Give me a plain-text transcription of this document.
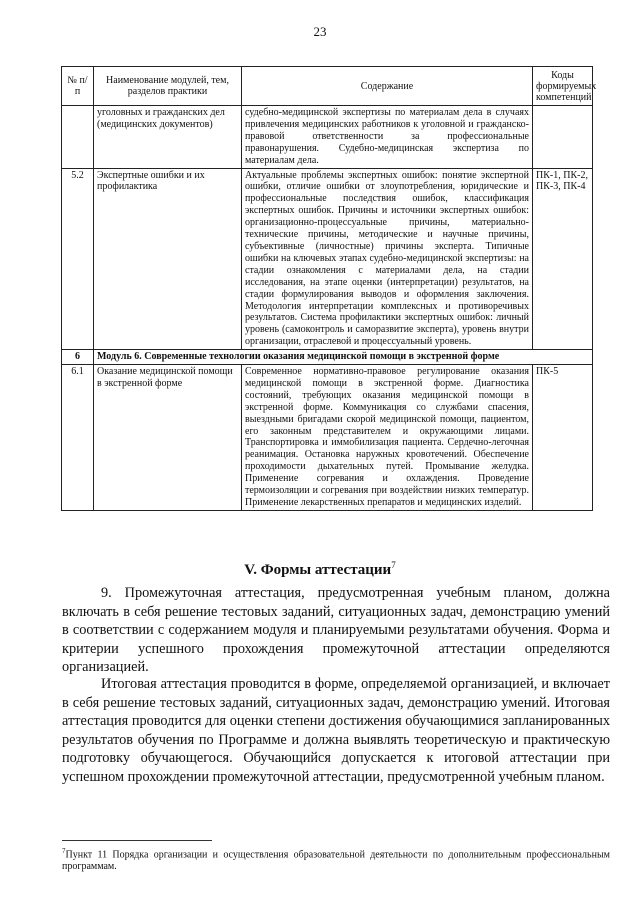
23
№ п/п	Наименование модулей, тем, разделов практики	Содержание	Коды формируемых компетенций
	уголовных и гражданских дел (медицинских документов)	судебно-медицинской экспертизы по материалам дела в случаях привлечения медицинских работников к уголовной и гражданско-правовой ответственности за профессиональные правонарушения. Судебно-медицинская экспертиза по материалам дела.	
5.2	Экспертные ошибки и их профилактика	Актуальные проблемы экспертных ошибок: понятие экспертной ошибки, отличие ошибки от злоупотребления, юридические и профессиональные последствия ошибок, классификация экспертных ошибок. Причины и источники экспертных ошибок: организационно-процессуальные причины, материально-технические причины, методические и научные причины, субъективные (личностные) причины эксперта. Типичные ошибки на ключевых этапах судебно-медицинской экспертизы: на стадии ознакомления с материалами дела, на стадии исследования, на этапе оценки (интерпретации) результатов, на стадии формулирования выводов и оформления заключения. Методология интерпретации комплексных и противоречивых результатов. Система профилактики экспертных ошибок: личный уровень (самоконтроль и саморазвитие эксперта), уровень внутри организации, отраслевой и процессуальный уровень.	ПК-1, ПК-2, ПК-3, ПК-4
6	Модуль 6. Современные технологии оказания медицинской помощи в экстренной форме		
6.1	Оказание медицинской помощи в экстренной форме	Современное нормативно-правовое регулирование оказания медицинской помощи в экстренной форме. Диагностика состояний, требующих оказания медицинской помощи в экстренной форме. Коммуникация со службами спасения, выездными бригадами скорой медицинской помощи, пациентом, его законным представителем и окружающими лицами. Транспортировка и иммобилизация пациента. Сердечно-легочная реанимация. Остановка наружных кровотечений. Обеспечение проходимости дыхательных путей. Промывание желудка. Применение согревания и охлаждения. Проведение термоизоляции и согревания при воздействии низких температур. Применение лекарственных препаратов и медицинских изделий.	ПК-5
V. Формы аттестации$^7$

9. Промежуточная аттестация, предусмотренная учебным планом, должна включать в себя решение тестовых заданий, ситуационных задач, демонстрацию умений в соответствии с содержанием модуля и планируемыми результатами обучения. Форма и критерии успешного прохождения промежуточной аттестации определяются организацией.

Итоговая аттестация проводится в форме, определяемой организацией, и включает в себя решение тестовых заданий, ситуационных задач, демонстрацию умений. Итоговая аттестация проводится для оценки степени достижения обучающимися запланированных результатов обучения по Программе и должна выявлять теоретическую и практическую подготовку обучающегося. Обучающийся допускается к итоговой аттестации при успешном прохождении промежуточной аттестации, предусмотренной учебным планом.

$^7$Пункт 11 Порядка организации и осуществления образовательной деятельности по дополнительным профессиональным программам.
